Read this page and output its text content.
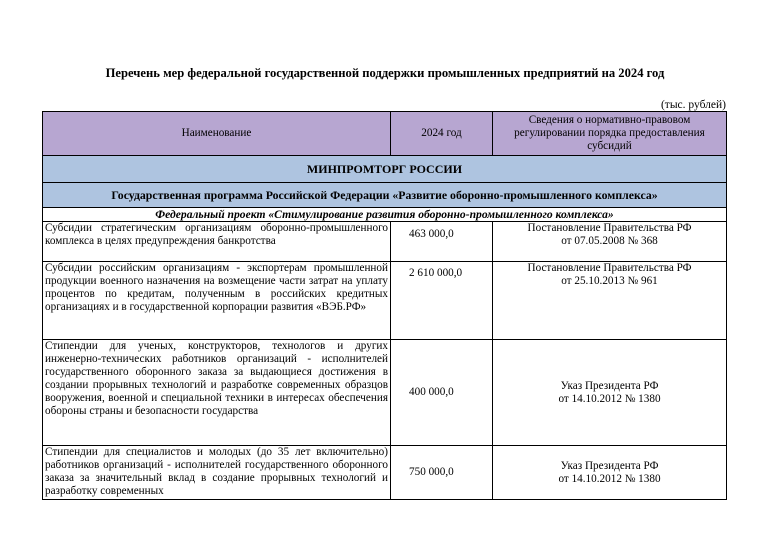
Перечень мер федеральной государственной поддержки промышленных предприятий на 2024 год
(тыс. рублей)
Наименование	2024 год	Сведения о нормативно-правовом регулировании порядка предоставления субсидий
МИНПРОМТОРГ РОССИИ		
Государственная программа Российской Федерации «Развитие оборонно-промышленного комплекса»		
Федеральный проект «Стимулирование развития оборонно-промышленного комплекса»		
Субсидии стратегическим организациям оборонно-промышленного комплекса в целях предупреждения банкротства	463 000,0	Постановление Правительства РФ
от 07.05.2008 № 368

Субсидии российским организациям - экспортерам промышленной продукции военного назначения на возмещение части затрат на уплату процентов по кредитам, полученным в российских кредитных организациях и в государственной корпорации развития «ВЭБ.РФ»	2 610 000,0	Постановление Правительства РФ
от 25.10.2013 № 961

Стипендии для ученых, конструкторов, технологов и других инженерно-технических работников организаций - исполнителей государственного оборонного заказа за выдающиеся достижения в создании прорывных технологий и разработке современных образцов вооружения, военной и специальной техники в интересах обеспечения обороны страны и безопасности государства	400 000,0	Указ Президента РФ
от 14.10.2012 № 1380

Стипендии для специалистов и молодых (до 35 лет включительно) работников организаций - исполнителей государственного оборонного заказа за значительный вклад в создание прорывных технологий и разработку современных	750 000,0	Указ Президента РФ
от 14.10.2012 № 1380
